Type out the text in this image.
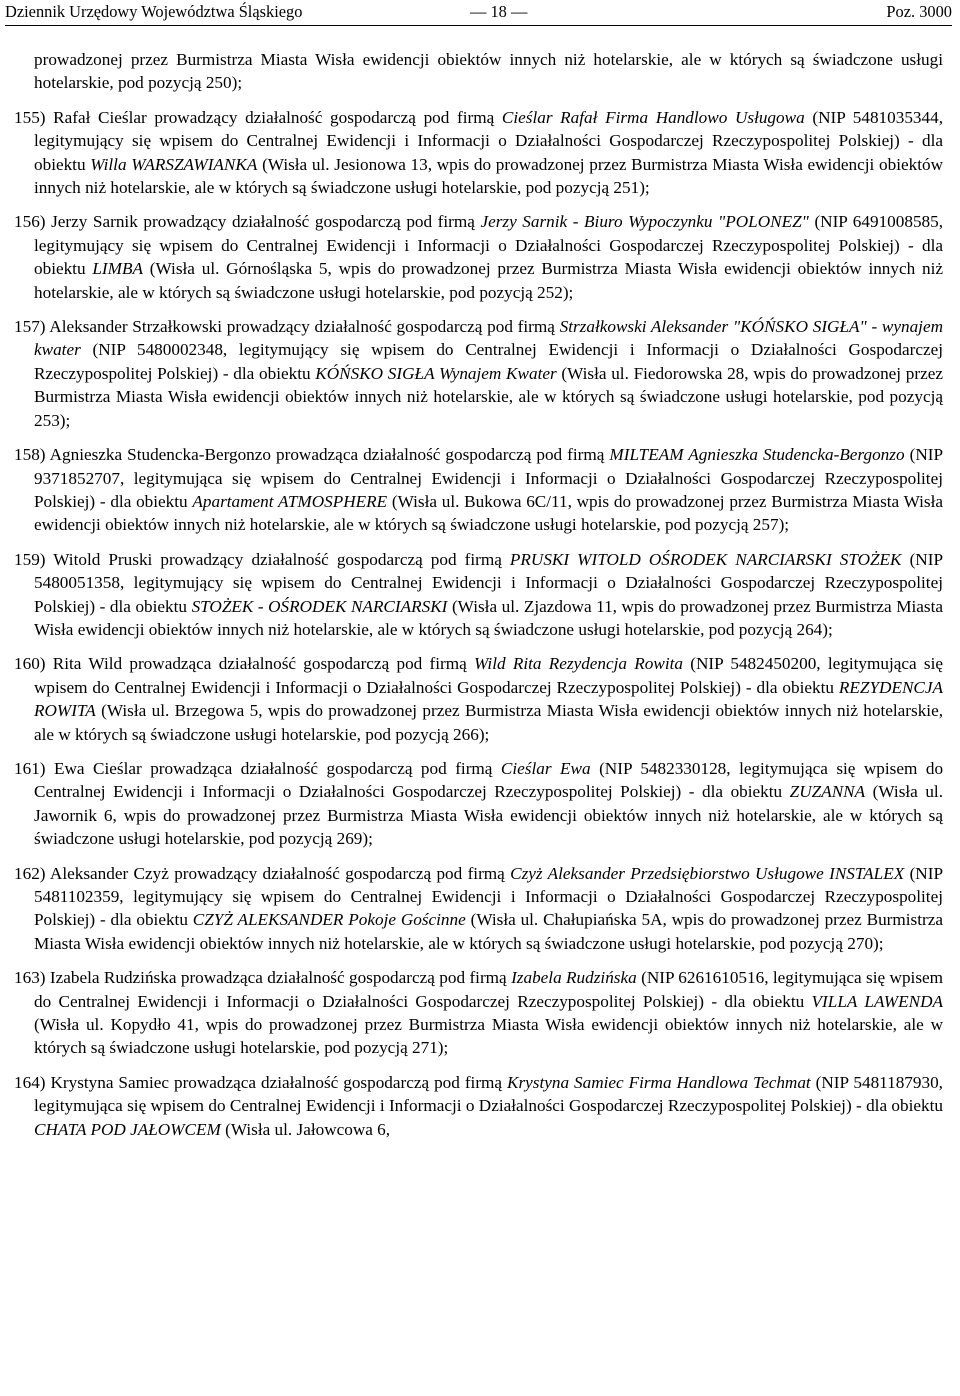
Dziennik Urzędowy Województwa Śląskiego	— 18 —	Poz. 3000

prowadzonej przez Burmistrza Miasta Wisła ewidencji obiektów innych niż hotelarskie, ale w których są świadczone usługi hotelarskie, pod pozycją 250);

155) Rafał Cieślar prowadzący działalność gospodarczą pod firmą Cieślar Rafał Firma Handlowo Usługowa (NIP 5481035344, legitymujący się wpisem do Centralnej Ewidencji i Informacji o Działalności Gospodarczej Rzeczypospolitej Polskiej) - dla obiektu Willa WARSZAWIANKA (Wisła ul. Jesionowa 13, wpis do prowadzonej przez Burmistrza Miasta Wisła ewidencji obiektów innych niż hotelarskie, ale w których są świadczone usługi hotelarskie, pod pozycją 251);

156) Jerzy Sarnik prowadzący działalność gospodarczą pod firmą Jerzy Sarnik - Biuro Wypoczynku "POLONEZ" (NIP 6491008585, legitymujący się wpisem do Centralnej Ewidencji i Informacji o Działalności Gospodarczej Rzeczypospolitej Polskiej) - dla obiektu LIMBA (Wisła ul. Górnośląska 5, wpis do prowadzonej przez Burmistrza Miasta Wisła ewidencji obiektów innych niż hotelarskie, ale w których są świadczone usługi hotelarskie, pod pozycją 252);

157) Aleksander Strzałkowski prowadzący działalność gospodarczą pod firmą Strzałkowski Aleksander "KÓŃSKO SIGŁA" - wynajem kwater (NIP 5480002348, legitymujący się wpisem do Centralnej Ewidencji i Informacji o Działalności Gospodarczej Rzeczypospolitej Polskiej) - dla obiektu KÓŃSKO SIGŁA Wynajem Kwater (Wisła ul. Fiedorowska 28, wpis do prowadzonej przez Burmistrza Miasta Wisła ewidencji obiektów innych niż hotelarskie, ale w których są świadczone usługi hotelarskie, pod pozycją 253);

158) Agnieszka Studencka-Bergonzo prowadząca działalność gospodarczą pod firmą MILTEAM Agnieszka Studencka-Bergonzo (NIP 9371852707, legitymująca się wpisem do Centralnej Ewidencji i Informacji o Działalności Gospodarczej Rzeczypospolitej Polskiej) - dla obiektu Apartament ATMOSPHERE (Wisła ul. Bukowa 6C/11, wpis do prowadzonej przez Burmistrza Miasta Wisła ewidencji obiektów innych niż hotelarskie, ale w których są świadczone usługi hotelarskie, pod pozycją 257);

159) Witold Pruski prowadzący działalność gospodarczą pod firmą PRUSKI WITOLD OŚRODEK NARCIARSKI STOŻEK (NIP 5480051358, legitymujący się wpisem do Centralnej Ewidencji i Informacji o Działalności Gospodarczej Rzeczypospolitej Polskiej) - dla obiektu STOŻEK - OŚRODEK NARCIARSKI (Wisła ul. Zjazdowa 11, wpis do prowadzonej przez Burmistrza Miasta Wisła ewidencji obiektów innych niż hotelarskie, ale w których są świadczone usługi hotelarskie, pod pozycją 264);

160) Rita Wild prowadząca działalność gospodarczą pod firmą Wild Rita Rezydencja Rowita (NIP 5482450200, legitymująca się wpisem do Centralnej Ewidencji i Informacji o Działalności Gospodarczej Rzeczypospolitej Polskiej) - dla obiektu REZYDENCJA ROWITA (Wisła ul. Brzegowa 5, wpis do prowadzonej przez Burmistrza Miasta Wisła ewidencji obiektów innych niż hotelarskie, ale w których są świadczone usługi hotelarskie, pod pozycją 266);

161) Ewa Cieślar prowadząca działalność gospodarczą pod firmą Cieślar Ewa (NIP 5482330128, legitymująca się wpisem do Centralnej Ewidencji i Informacji o Działalności Gospodarczej Rzeczypospolitej Polskiej) - dla obiektu ZUZANNA (Wisła ul. Jawornik 6, wpis do prowadzonej przez Burmistrza Miasta Wisła ewidencji obiektów innych niż hotelarskie, ale w których są świadczone usługi hotelarskie, pod pozycją 269);

162) Aleksander Czyż prowadzący działalność gospodarczą pod firmą Czyż Aleksander Przedsiębiorstwo Usługowe INSTALEX (NIP 5481102359, legitymujący się wpisem do Centralnej Ewidencji i Informacji o Działalności Gospodarczej Rzeczypospolitej Polskiej) - dla obiektu CZYŻ ALEKSANDER Pokoje Gościnne (Wisła ul. Chałupiańska 5A, wpis do prowadzonej przez Burmistrza Miasta Wisła ewidencji obiektów innych niż hotelarskie, ale w których są świadczone usługi hotelarskie, pod pozycją 270);

163) Izabela Rudzińska prowadząca działalność gospodarczą pod firmą Izabela Rudzińska (NIP 6261610516, legitymująca się wpisem do Centralnej Ewidencji i Informacji o Działalności Gospodarczej Rzeczypospolitej Polskiej) - dla obiektu VILLA LAWENDA (Wisła ul. Kopydło 41, wpis do prowadzonej przez Burmistrza Miasta Wisła ewidencji obiektów innych niż hotelarskie, ale w których są świadczone usługi hotelarskie, pod pozycją 271);

164) Krystyna Samiec prowadząca działalność gospodarczą pod firmą Krystyna Samiec Firma Handlowa Techmat (NIP 5481187930, legitymująca się wpisem do Centralnej Ewidencji i Informacji o Działalności Gospodarczej Rzeczypospolitej Polskiej) - dla obiektu CHATA POD JAŁOWCEM (Wisła ul. Jałowcowa 6,
